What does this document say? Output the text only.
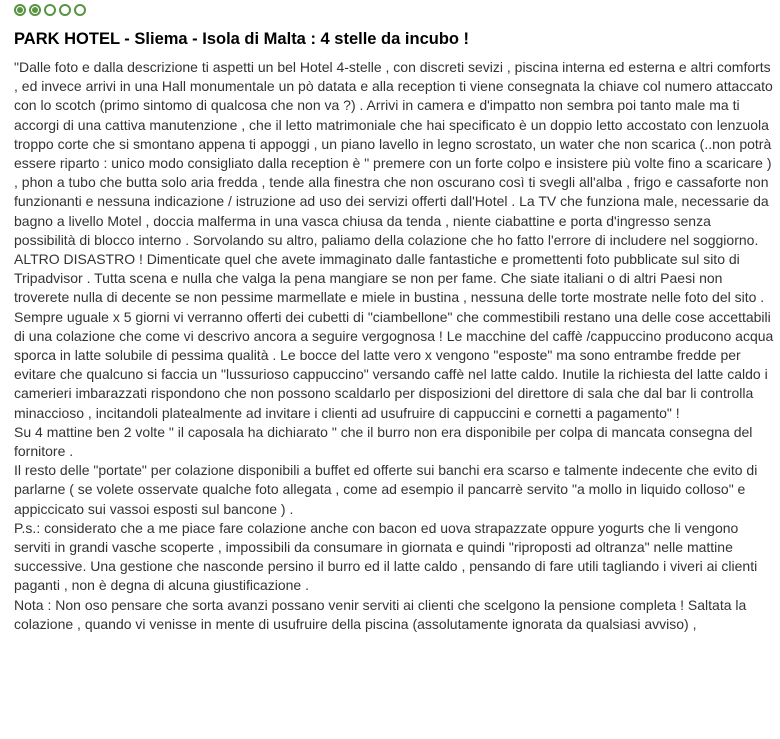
PARK HOTEL - Sliema - Isola di Malta : 4 stelle da incubo !

"Dalle foto e dalla descrizione ti aspetti un bel Hotel 4-stelle , con discreti sevizi , piscina interna ed esterna e altri comforts , ed invece arrivi in una Hall monumentale un pò datata e alla reception ti viene consegnata la chiave col numero attaccato con lo scotch (primo sintomo di qualcosa che non va ?) . Arrivi in camera e d'impatto non sembra poi tanto male ma ti accorgi di una cattiva manutenzione , che il letto matrimoniale che hai specificato è un doppio letto accostato con lenzuola troppo corte che si smontano appena ti appoggi , un piano lavello in legno scrostato, un water che non scarica (..non potrà essere riparto : unico modo consigliato dalla reception è " premere con un forte colpo e insistere più volte fino a scaricare ) , phon a tubo che butta solo aria fredda , tende alla finestra che non oscurano così ti svegli all'alba , frigo e cassaforte non funzionanti e nessuna indicazione / istruzione ad uso dei servizi offerti dall'Hotel . La TV che funziona male, necessarie da bagno a livello Motel , doccia malferma in una vasca chiusa da tenda , niente ciabattine e porta d'ingresso senza possibilità di blocco interno . Sorvolando su altro, paliamo della colazione che ho fatto l'errore di includere nel soggiorno.

ALTRO DISASTRO ! Dimenticate quel che avete immaginato dalle fantastiche e promettenti foto pubblicate sul sito di Tripadvisor . Tutta scena e nulla che valga la pena mangiare se non per fame. Che siate italiani o di altri Paesi non troverete nulla di decente se non pessime marmellate e miele in bustina , nessuna delle torte mostrate nelle foto del sito . Sempre uguale x 5 giorni vi verranno offerti dei cubetti di "ciambellone" che commestibili restano una delle cose accettabili di una colazione che come vi descrivo ancora a seguire vergognosa ! Le macchine del caffè /cappuccino producono acqua sporca in latte solubile di pessima qualità . Le bocce del latte vero x vengono "esposte" ma sono entrambe fredde per evitare che qualcuno si faccia un "lussurioso cappuccino" versando caffè nel latte caldo. Inutile la richiesta del latte caldo i camerieri imbarazzati rispondono che non possono scaldarlo per disposizioni del direttore di sala che dal bar li controlla minaccioso , incitandoli platealmente ad invitare i clienti ad usufruire di cappuccini e cornetti a pagamento" !

Su 4 mattine ben 2 volte " il caposala ha dichiarato " che il burro non era disponibile per colpa di mancata consegna del fornitore .

Il resto delle "portate" per colazione disponibili a buffet ed offerte sui banchi era scarso e talmente indecente che evito di parlarne ( se volete osservate qualche foto allegata , come ad esempio il pancarrè servito "a mollo in liquido colloso" e appiccicato sui vassoi esposti sul bancone ) .

P.s.: considerato che a me piace fare colazione anche con bacon ed uova strapazzate oppure yogurts che li vengono serviti in grandi vasche scoperte , impossibili da consumare in giornata e quindi "riproposti ad oltranza" nelle mattine successive. Una gestione che nasconde persino il burro ed il latte caldo , pensando di fare utili tagliando i viveri ai clienti paganti , non è degna di alcuna giustificazione .

Nota : Non oso pensare che sorta avanzi possano venir serviti ai clienti che scelgono la pensione completa ! Saltata la colazione , quando vi venisse in mente di usufruire della piscina (assolutamente ignorata da qualsiasi avviso) ,
